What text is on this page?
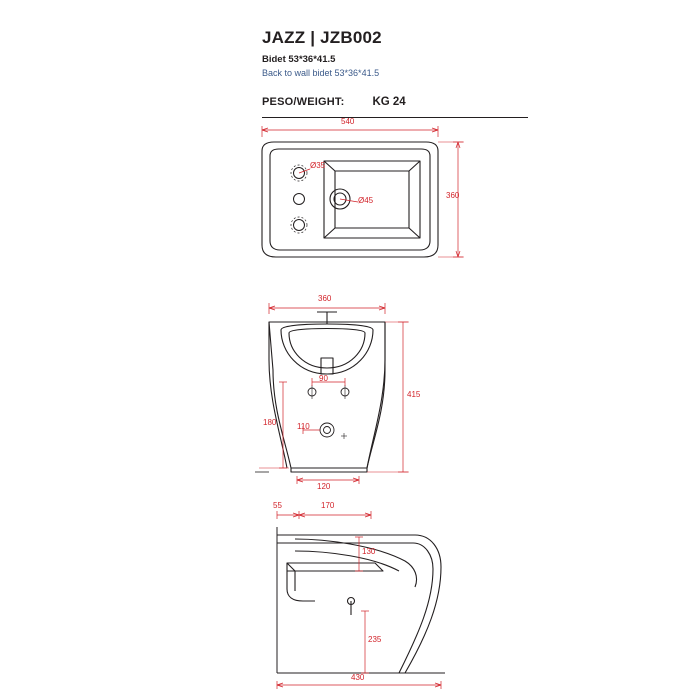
JAZZ | JZB002
Bidet 53*36*41.5
Back to wall bidet 53*36*41.5
PESO/WEIGHT: KG 24
540
360
Ø35
Ø45
360
415
90
180	110
120
55	170
130
235
430
